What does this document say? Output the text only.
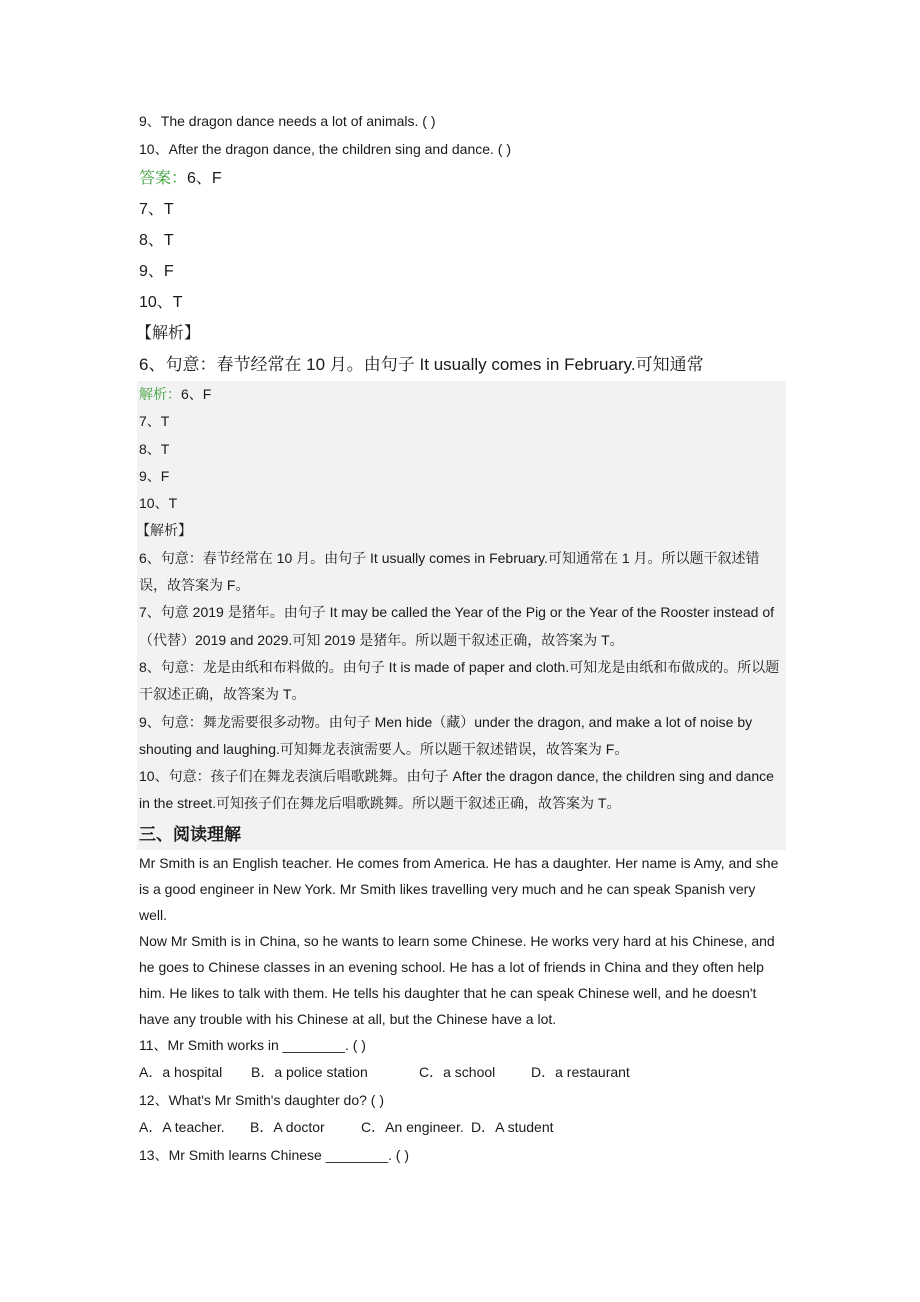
9、The dragon dance needs a lot of animals. ( )
10、After the dragon dance, the children sing and dance. ( )
答案：6、F
7、T
8、T
9、F
10、T
【解析】
6、句意：春节经常在 10 月。由句子 It usually comes in February.可知通常
解析：6、F
7、T
8、T
9、F
10、T
【解析】
6、句意：春节经常在 10 月。由句子 It usually comes in February.可知通常在 1 月。所以题干叙述错误，故答案为 F。
7、句意 2019 是猪年。由句子 It may be called the Year of the Pig or the Year of the Rooster instead of（代替）2019 and 2029.可知 2019 是猪年。所以题干叙述正确，故答案为 T。
8、句意：龙是由纸和布料做的。由句子 It is made of paper and cloth.可知龙是由纸和布做成的。所以题干叙述正确，故答案为 T。
9、句意：舞龙需要很多动物。由句子 Men hide（藏）under the dragon, and make a lot of noise by shouting and laughing.可知舞龙表演需要人。所以题干叙述错误，故答案为 F。
10、句意：孩子们在舞龙表演后唱歌跳舞。由句子 After the dragon dance, the children sing and dance in the street.可知孩子们在舞龙后唱歌跳舞。所以题干叙述正确，故答案为 T。
三、阅读理解
Mr Smith is an English teacher. He comes from America. He has a daughter. Her name is Amy, and she is a good engineer in New York. Mr Smith likes travelling very much and he can speak Spanish very well.
Now Mr Smith is in China, so he wants to learn some Chinese. He works very hard at his Chinese, and he goes to Chinese classes in an evening school. He has a lot of friends in China and they often help him. He likes to talk with them. He tells his daughter that he can speak Chinese well, and he doesn't have any trouble with his Chinese at all, but the Chinese have a lot.
11、Mr Smith works in ________. ( )
A．a hospital B．a police station	C．a school	D．a restaurant
12、What's Mr Smith's daughter do? ( )
A．A teacher. B．A doctor	C．An engineer. D．A student
13、Mr Smith learns Chinese ________. ( )
